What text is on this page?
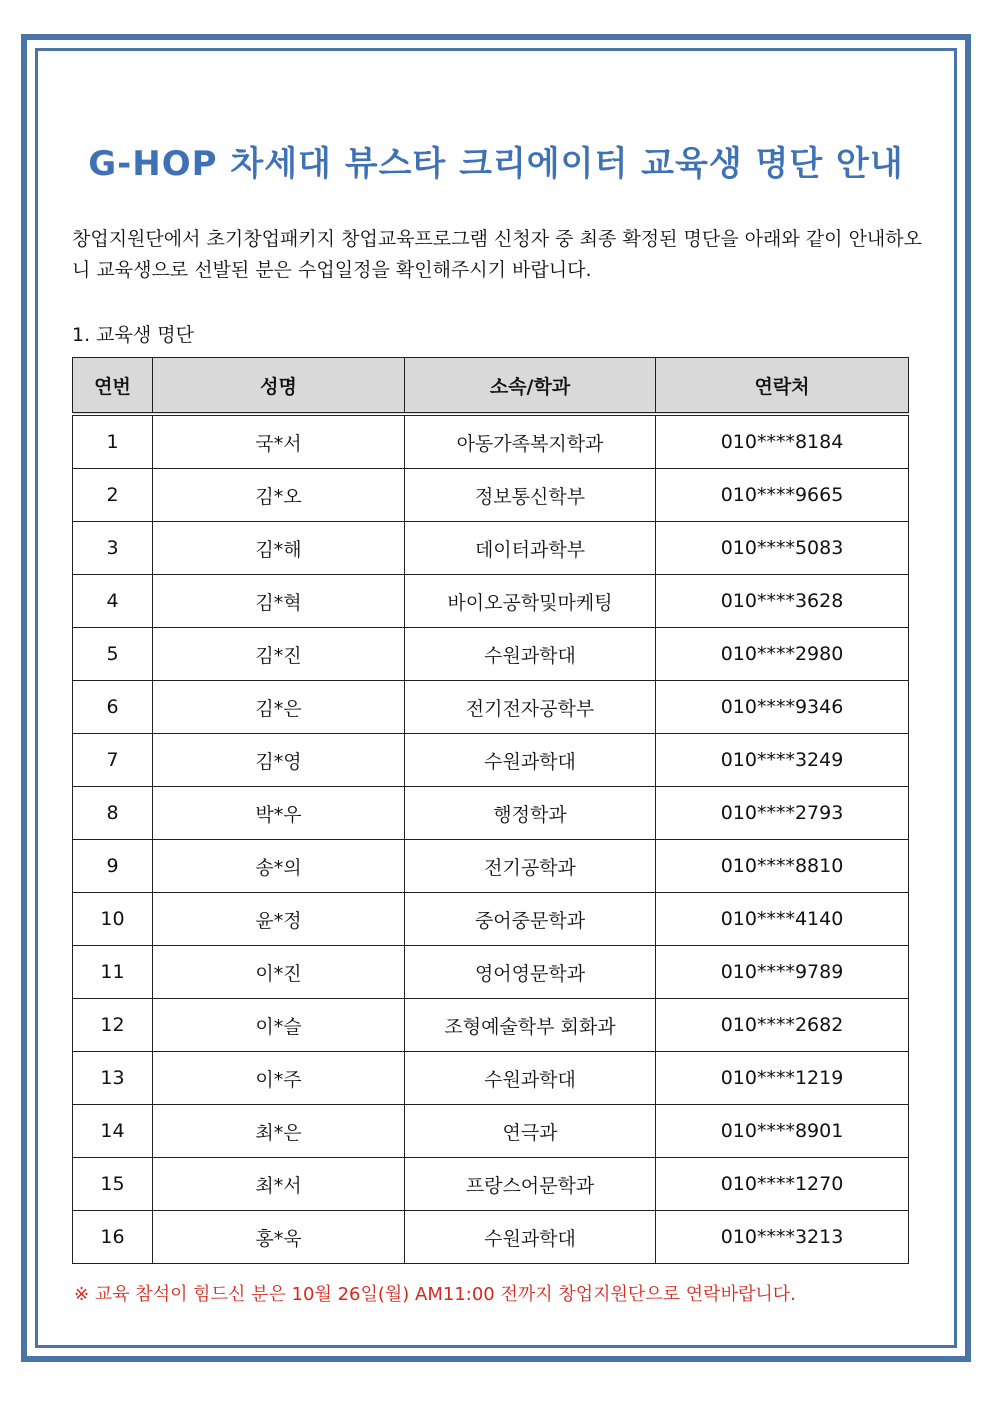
G-HOP 차세대 뷰스타 크리에이터 교육생 명단 안내

창업지원단에서 초기창업패키지 창업교육프로그램 신청자 중 최종 확정된 명단을 아래와 같이 안내하오니 교육생으로 선발된 분은 수업일정을 확인해주시기 바랍니다.

1. 교육생 명단

연번	성명	소속/학과	연락처
1	국*서	아동가족복지학과	010****8184
2	김*오	정보통신학부	010****9665
3	김*해	데이터과학부	010****5083
4	김*혁	바이오공학및마케팅	010****3628
5	김*진	수원과학대	010****2980
6	김*은	전기전자공학부	010****9346
7	김*영	수원과학대	010****3249
8	박*우	행정학과	010****2793
9	송*의	전기공학과	010****8810
10	윤*정	중어중문학과	010****4140
11	이*진	영어영문학과	010****9789
12	이*슬	조형예술학부 회화과	010****2682
13	이*주	수원과학대	010****1219
14	최*은	연극과	010****8901
15	최*서	프랑스어문학과	010****1270
16	홍*욱	수원과학대	010****3213

※ 교육 참석이 힘드신 분은 10월 26일(월) AM11:00 전까지 창업지원단으로 연락바랍니다.
